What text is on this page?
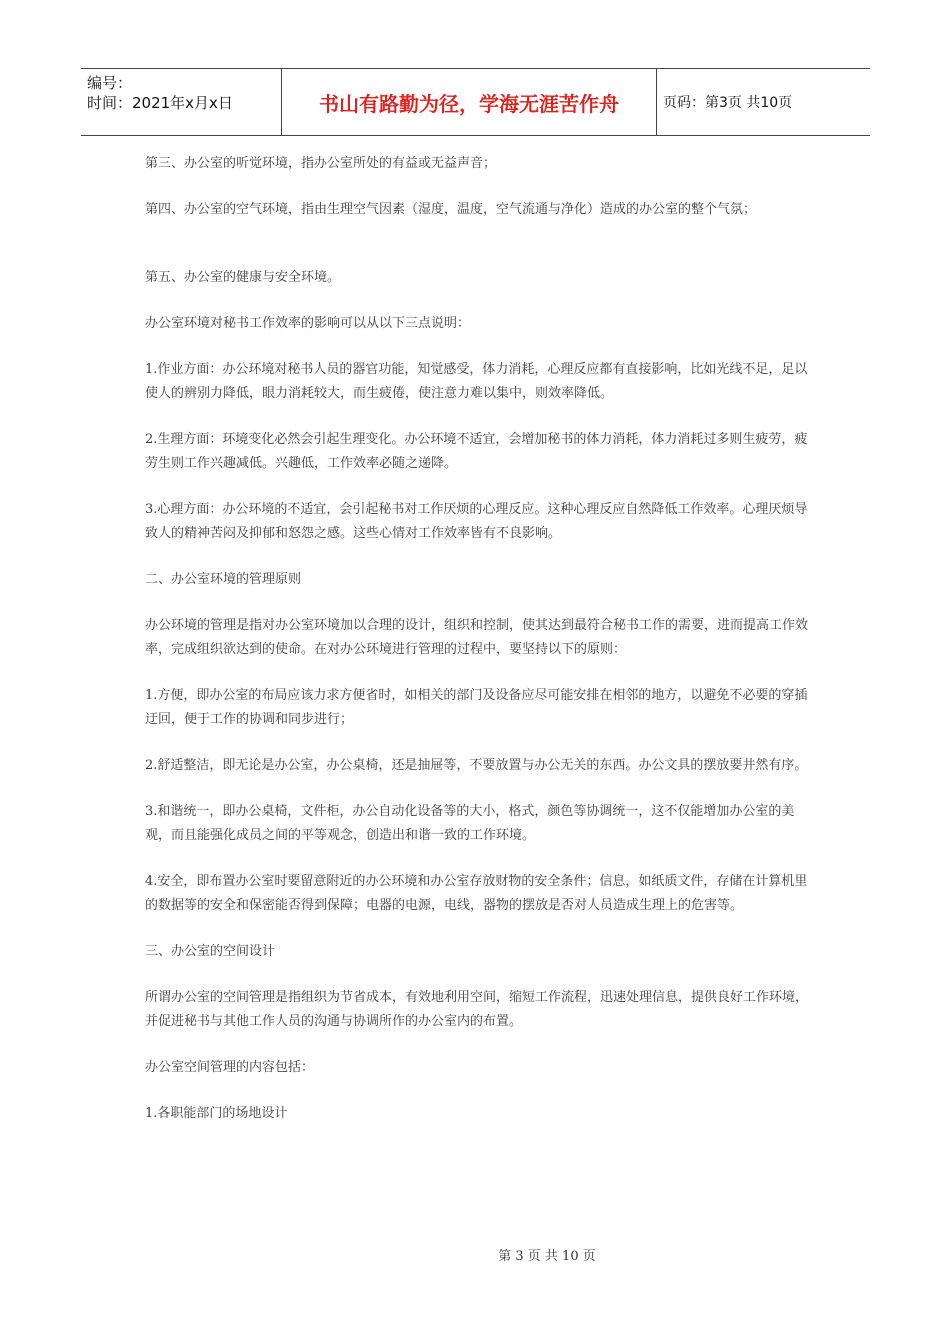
编号：
时间：2021年x月x日	书山有路勤为径，学海无涯苦作舟	页码：第3页 共10页

第三、办公室的听觉环境，指办公室所处的有益或无益声音；

第四、办公室的空气环境，指由生理空气因素（湿度，温度，空气流通与净化）造成的办公室的整个气氛；

第五、办公室的健康与安全环境。

办公室环境对秘书工作效率的影响可以从以下三点说明：

1.作业方面：办公环境对秘书人员的器官功能，知觉感受，体力消耗，心理反应都有直接影响，比如光线不足，足以使人的辨别力降低，眼力消耗较大，而生疲倦，使注意力难以集中，则效率降低。

2.生理方面：环境变化必然会引起生理变化。办公环境不适宜，会增加秘书的体力消耗，体力消耗过多则生疲劳，疲劳生则工作兴趣减低。兴趣低，工作效率必随之递降。

3.心理方面：办公环境的不适宜，会引起秘书对工作厌烦的心理反应。这种心理反应自然降低工作效率。心理厌烦导致人的精神苦闷及抑郁和怒怨之感。这些心情对工作效率皆有不良影响。

二、办公室环境的管理原则

办公环境的管理是指对办公室环境加以合理的设计，组织和控制，使其达到最符合秘书工作的需要，进而提高工作效率，完成组织欲达到的使命。在对办公环境进行管理的过程中，要坚持以下的原则：

1.方便，即办公室的布局应该力求方便省时，如相关的部门及设备应尽可能安排在相邻的地方，以避免不必要的穿插迂回，便于工作的协调和同步进行；

2.舒适整洁，即无论是办公室，办公桌椅，还是抽屉等，不要放置与办公无关的东西。办公文具的摆放要井然有序。

3.和谐统一，即办公桌椅，文件柜，办公自动化设备等的大小，格式，颜色等协调统一，这不仅能增加办公室的美观，而且能强化成员之间的平等观念，创造出和谐一致的工作环境。

4.安全，即布置办公室时要留意附近的办公环境和办公室存放财物的安全条件；信息，如纸质文件，存储在计算机里的数据等的安全和保密能否得到保障；电器的电源，电线，器物的摆放是否对人员造成生理上的危害等。

三、办公室的空间设计

所谓办公室的空间管理是指组织为节省成本，有效地利用空间，缩短工作流程，迅速处理信息，提供良好工作环境，并促进秘书与其他工作人员的沟通与协调所作的办公室内的布置。

办公室空间管理的内容包括：

1.各职能部门的场地设计

第 3 页 共 10 页
